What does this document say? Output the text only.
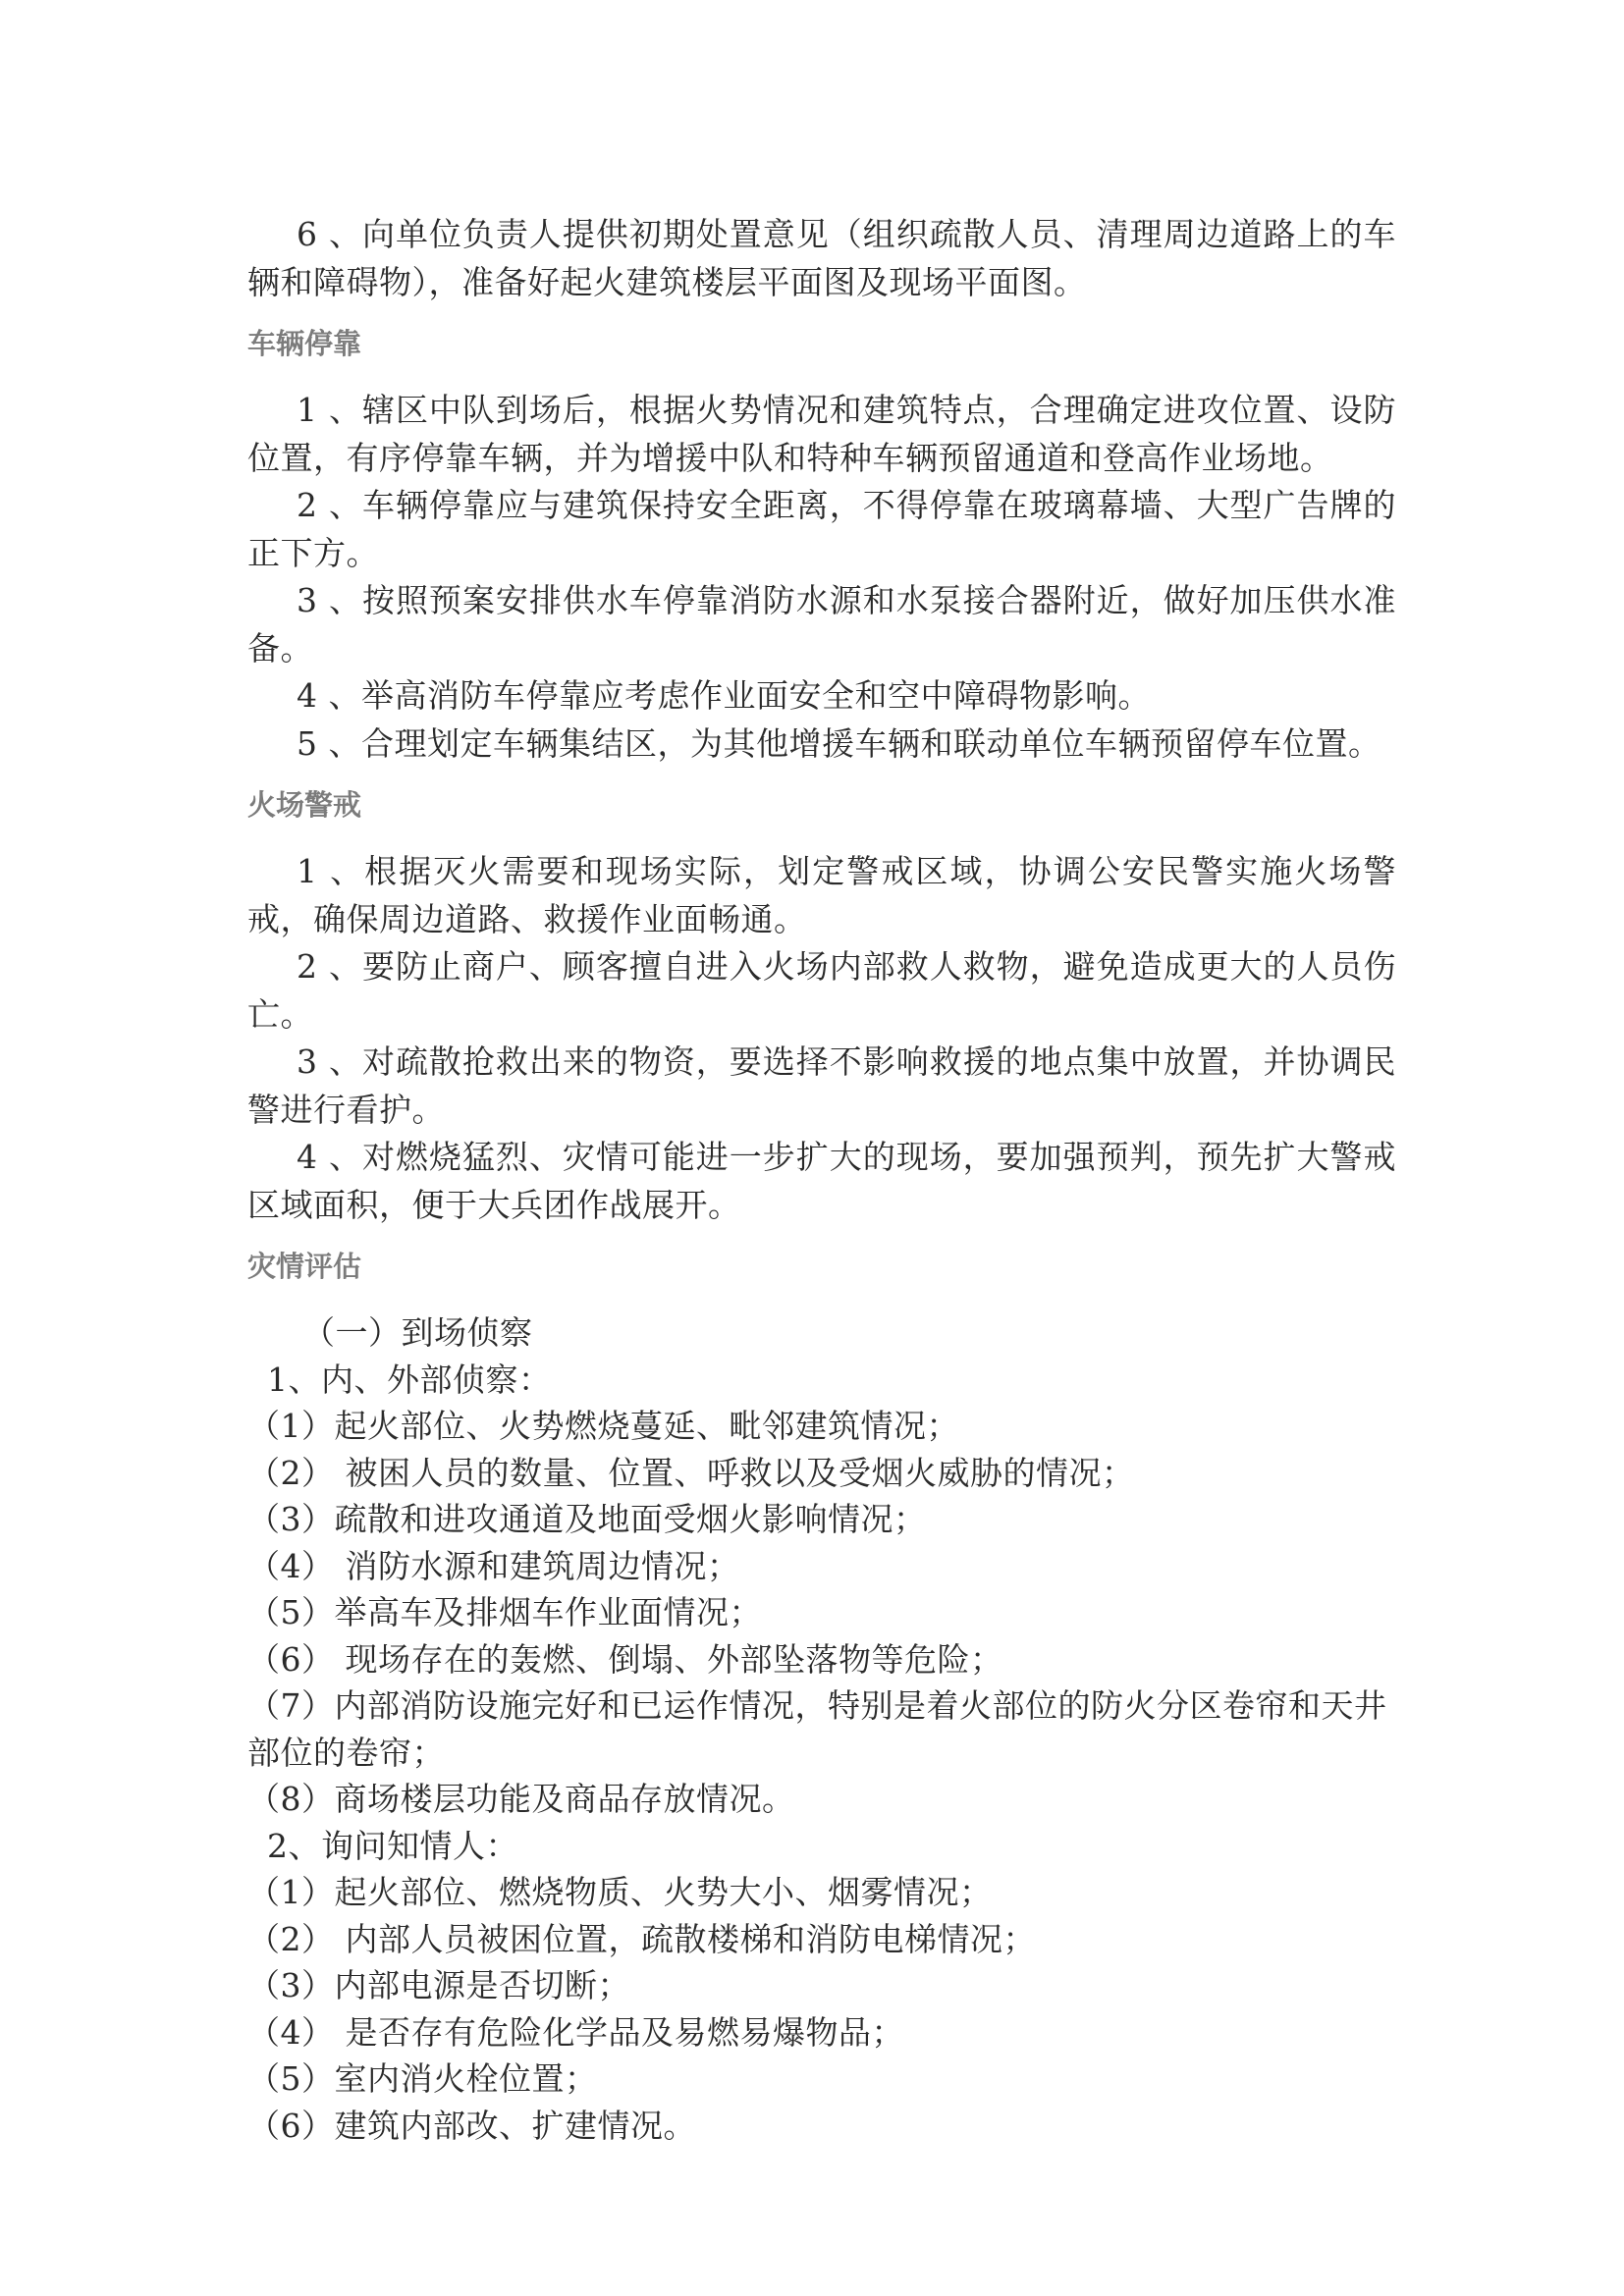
6 、向单位负责人提供初期处置意见（组织疏散人员、清理周边道路上的车辆和障碍物），准备好起火建筑楼层平面图及现场平面图。

车辆停靠

1 、辖区中队到场后，根据火势情况和建筑特点，合理确定进攻位置、设防位置，有序停靠车辆，并为增援中队和特种车辆预留通道和登高作业场地。

2 、车辆停靠应与建筑保持安全距离，不得停靠在玻璃幕墙、大型广告牌的正下方。

3 、按照预案安排供水车停靠消防水源和水泵接合器附近，做好加压供水准备。

4 、举高消防车停靠应考虑作业面安全和空中障碍物影响。

5 、合理划定车辆集结区，为其他增援车辆和联动单位车辆预留停车位置。

火场警戒

1 、根据灭火需要和现场实际，划定警戒区域，协调公安民警实施火场警戒，确保周边道路、救援作业面畅通。

2 、要防止商户、顾客擅自进入火场内部救人救物，避免造成更大的人员伤亡。

3 、对疏散抢救出来的物资，要选择不影响救援的地点集中放置，并协调民警进行看护。

4 、对燃烧猛烈、灾情可能进一步扩大的现场，要加强预判，预先扩大警戒区域面积，便于大兵团作战展开。

灾情评估

（一）到场侦察

1、内、外部侦察：

（1）起火部位、火势燃烧蔓延、毗邻建筑情况；

（2） 被困人员的数量、位置、呼救以及受烟火威胁的情况；

（3）疏散和进攻通道及地面受烟火影响情况；

（4） 消防水源和建筑周边情况；

（5）举高车及排烟车作业面情况；

（6） 现场存在的轰燃、倒塌、外部坠落物等危险；

（7）内部消防设施完好和已运作情况，特别是着火部位的防火分区卷帘和天井部位的卷帘；

（8）商场楼层功能及商品存放情况。

2、询问知情人：

（1）起火部位、燃烧物质、火势大小、烟雾情况；

（2） 内部人员被困位置，疏散楼梯和消防电梯情况；

（3）内部电源是否切断；

（4） 是否存有危险化学品及易燃易爆物品；

（5）室内消火栓位置；

（6）建筑内部改、扩建情况。
